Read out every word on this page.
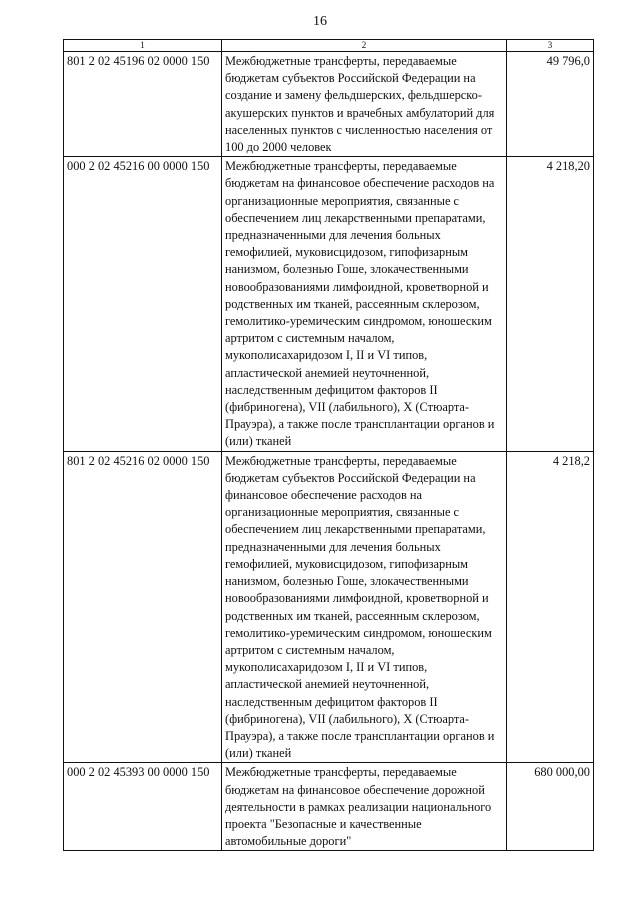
16
1	2	3
801 2 02 45196 02 0000 150	Межбюджетные трансферты, передаваемые бюджетам субъектов Российской Федерации на создание и замену фельдшерских, фельдшерско-акушерских пунктов и врачебных амбулаторий для населенных пунктов с численностью населения от 100 до 2000 человек	49 796,0
000 2 02 45216 00 0000 150	Межбюджетные трансферты, передаваемые бюджетам на финансовое обеспечение расходов на организационные мероприятия, связанные с обеспечением лиц лекарственными препаратами, предназначенными для лечения больных гемофилией, муковисцидозом, гипофизарным нанизмом, болезнью Гоше, злокачественными новообразованиями лимфоидной, кроветворной и родственных им тканей, рассеянным склерозом, гемолитико-уремическим синдромом, юношеским артритом с системным началом, мукополисахаридозом I, II и VI типов, апластической анемией неуточненной, наследственным дефицитом факторов II (фибриногена), VII (лабильного), X (Стюарта-Прауэра), а также после трансплантации органов и (или) тканей	4 218,20
801 2 02 45216 02 0000 150	Межбюджетные трансферты, передаваемые бюджетам субъектов Российской Федерации на финансовое обеспечение расходов на организационные мероприятия, связанные с обеспечением лиц лекарственными препаратами, предназначенными для лечения больных гемофилией, муковисцидозом, гипофизарным нанизмом, болезнью Гоше, злокачественными новообразованиями лимфоидной, кроветворной и родственных им тканей, рассеянным склерозом, гемолитико-уремическим синдромом, юношеским артритом с системным началом, мукополисахаридозом I, II и VI типов, апластической анемией неуточненной, наследственным дефицитом факторов II (фибриногена), VII (лабильного), X (Стюарта-Прауэра), а также после трансплантации органов и (или) тканей	4 218,2
000 2 02 45393 00 0000 150	Межбюджетные трансферты, передаваемые бюджетам на финансовое обеспечение дорожной деятельности в рамках реализации национального проекта "Безопасные и качественные автомобильные дороги"	680 000,00
